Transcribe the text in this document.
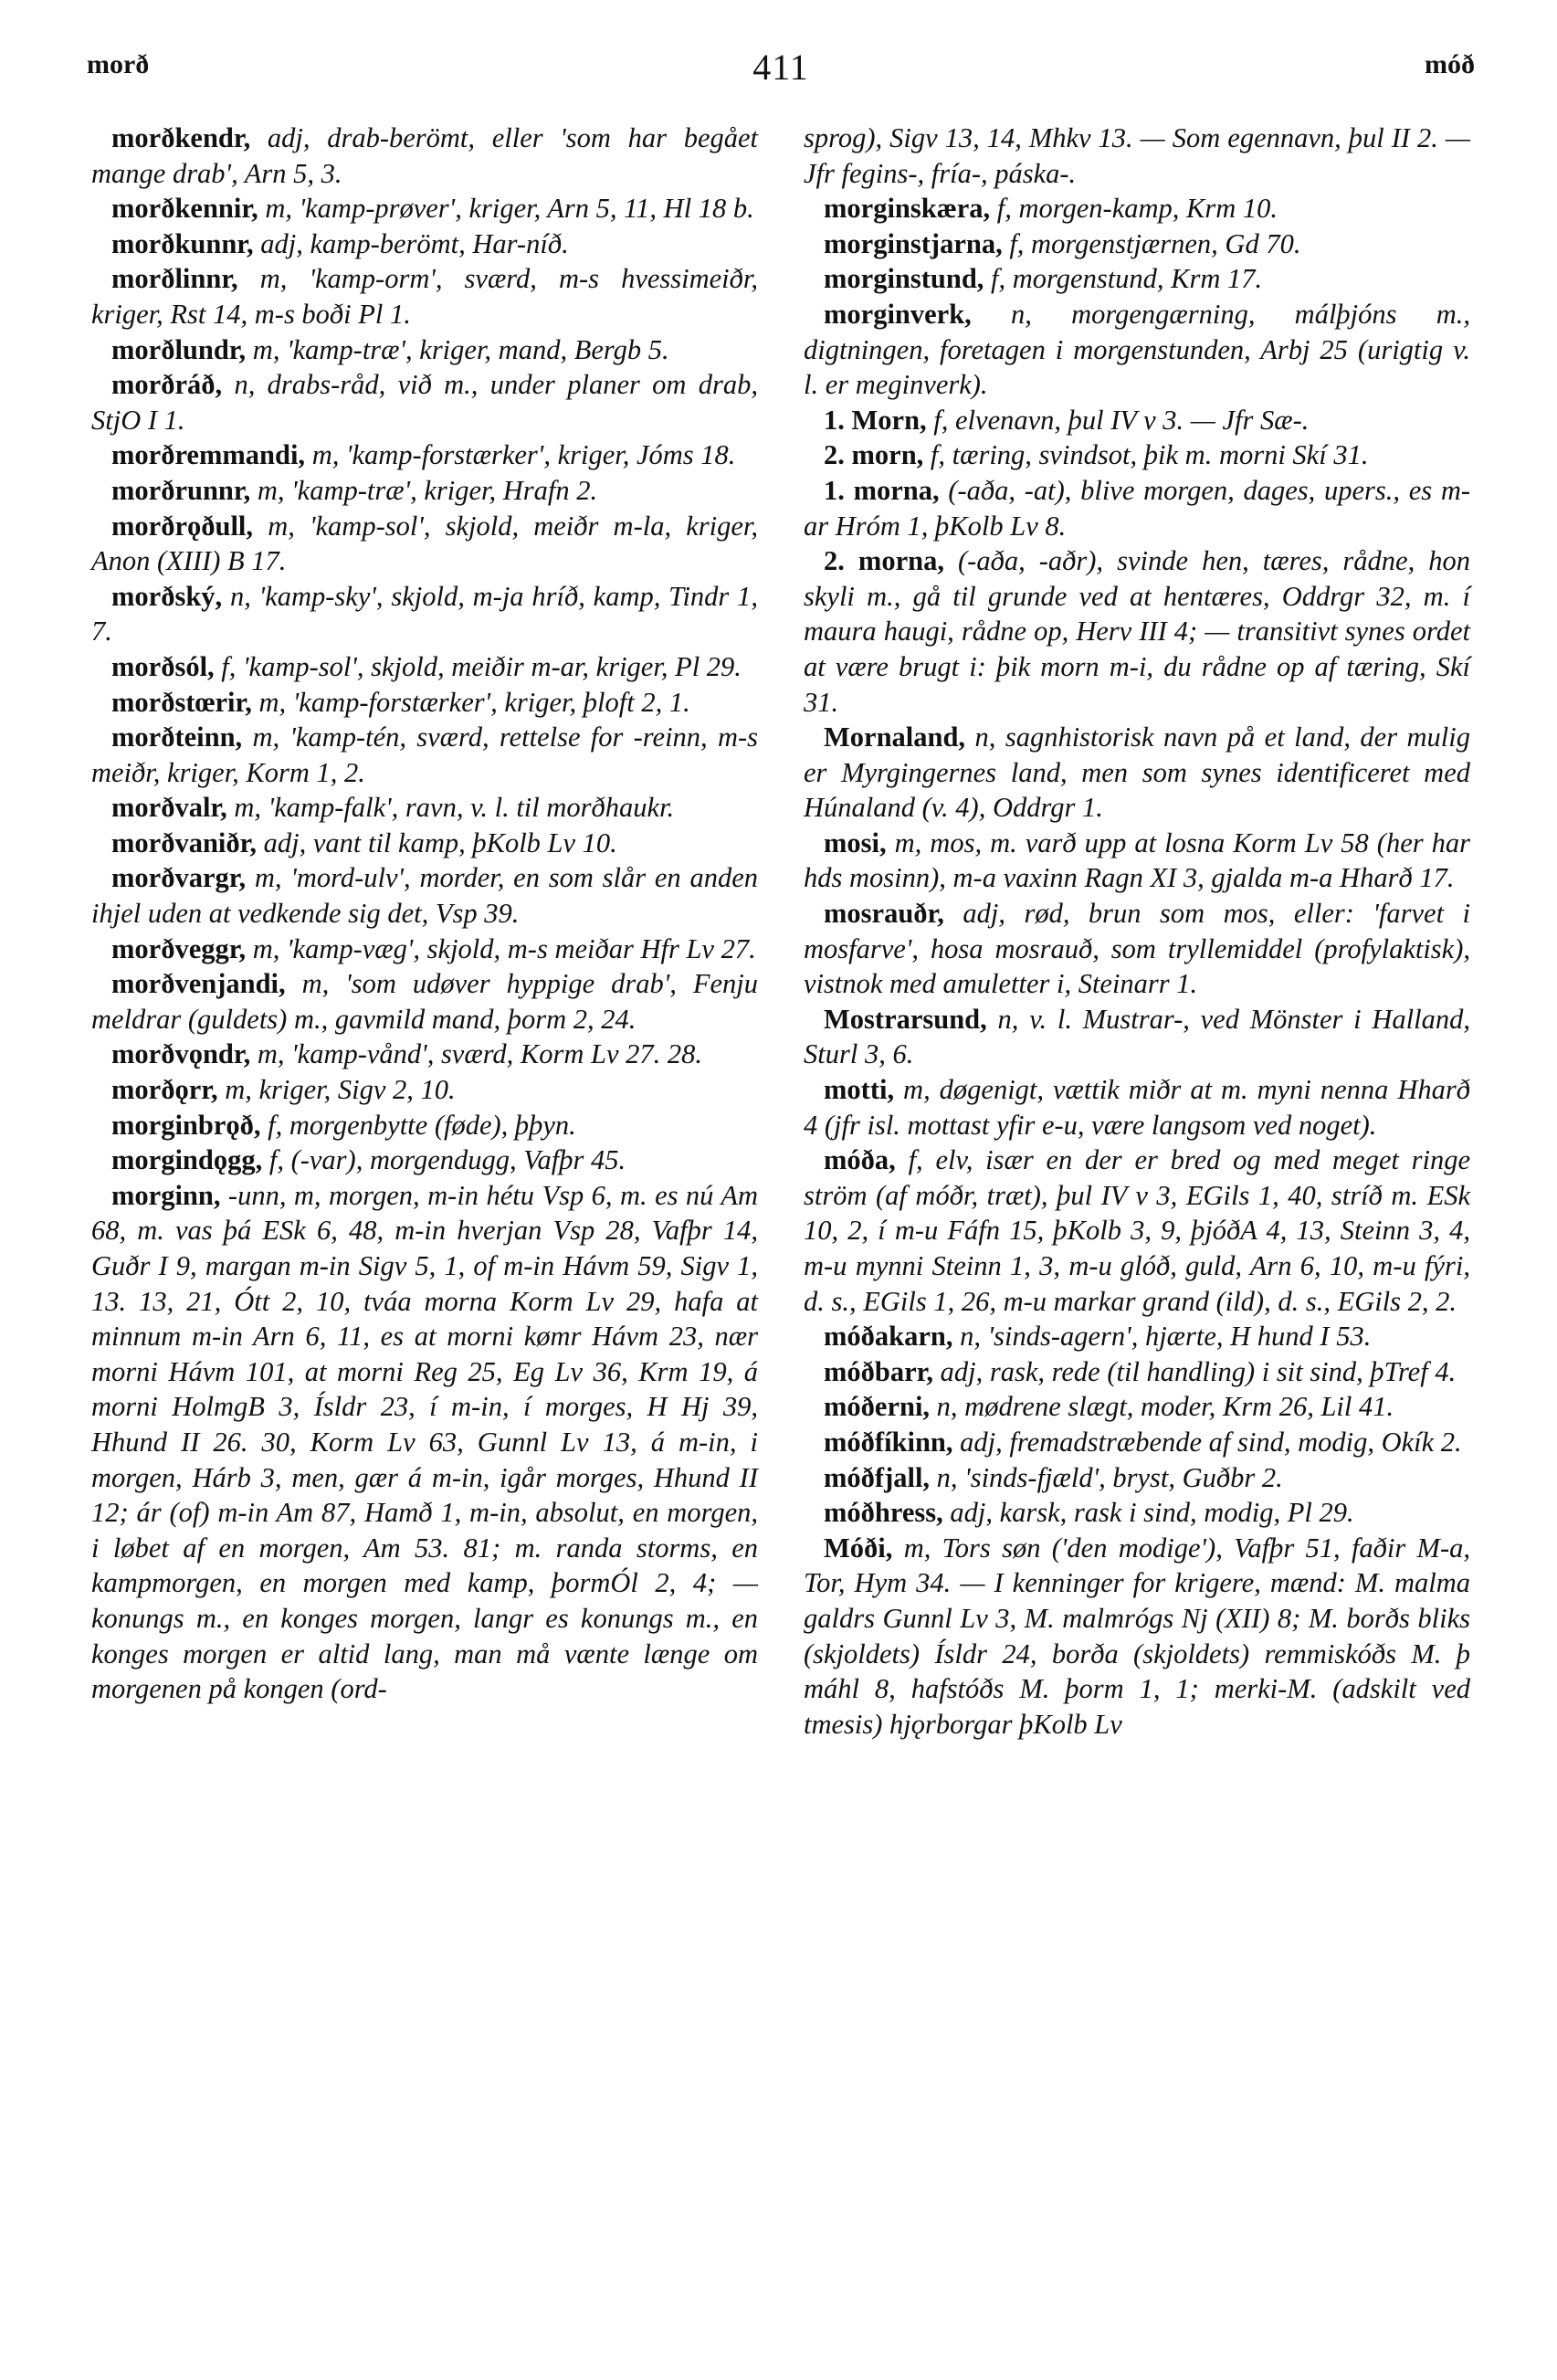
morð	411	móð

morðkendr, adj, drab-berömt, eller 'som har begået mange drab', Arn 5, 3.

morðkennir, m, 'kamp-prøver', kriger, Arn 5, 11, Hl 18 b.

morðkunnr, adj, kamp-berömt, Har-níð.

morðlinnr, m, 'kamp-orm', sværd, m-s hvessimeiðr, kriger, Rst 14, m-s boði Pl 1.

morðlundr, m, 'kamp-træ', kriger, mand, Bergb 5.

morðráð, n, drabs-råd, við m., under planer om drab, StjO I 1.

morðremmandi, m, 'kamp-forstærker', kriger, Jóms 18.

morðrunnr, m, 'kamp-træ', kriger, Hrafn 2.

morðrǫðull, m, 'kamp-sol', skjold, meiðr m-la, kriger, Anon (XIII) B 17.

morðský, n, 'kamp-sky', skjold, m-ja hríð, kamp, Tindr 1, 7.

morðsól, f, 'kamp-sol', skjold, meiðir m-ar, kriger, Pl 29.

morðstœrir, m, 'kamp-forstærker', kriger, þloft 2, 1.

morðteinn, m, 'kamp-tén, sværd, rettelse for -reinn, m-s meiðr, kriger, Korm 1, 2.

morðvalr, m, 'kamp-falk', ravn, v. l. til morðhaukr.

morðvaniðr, adj, vant til kamp, þKolb Lv 10.

morðvargr, m, 'mord-ulv', morder, en som slår en anden ihjel uden at vedkende sig det, Vsp 39.

morðveggr, m, 'kamp-væg', skjold, m-s meiðar Hfr Lv 27.

morðvenjandi, m, 'som udøver hyppige drab', Fenju meldrar (guldets) m., gavmild mand, þorm 2, 24.

morðvǫndr, m, 'kamp-vånd', sværd, Korm Lv 27. 28.

morðǫrr, m, kriger, Sigv 2, 10.

morginbrǫð, f, morgenbytte (føde), þþyn.

morgindǫgg, f, (-var), morgendugg, Vafþr 45.

morginn, -unn, m, morgen, m-in hétu Vsp 6, m. es nú Am 68, m. vas þá ESk 6, 48, m-in hverjan Vsp 28, Vafþr 14, Guðr I 9, margan m-in Sigv 5, 1, of m-in Hávm 59, Sigv 1, 13. 13, 21, Ótt 2, 10, tváa morna Korm Lv 29, hafa at minnum m-in Arn 6, 11, es at morni kømr Hávm 23, nær morni Hávm 101, at morni Reg 25, Eg Lv 36, Krm 19, á morni HolmgB 3, Ísldr 23, í m-in, í morges, H Hj 39, Hhund II 26. 30, Korm Lv 63, Gunnl Lv 13, á m-in, i morgen, Hárb 3, men, gær á m-in, igår morges, Hhund II 12; ár (of) m-in Am 87, Hamð 1, m-in, absolut, en morgen, i løbet af en morgen, Am 53. 81; m. randa storms, en kampmorgen, en morgen med kamp, þormÓl 2, 4; — konungs m., en konges morgen, langr es konungs m., en konges morgen er altid lang, man må vænte længe om morgenen på kongen (ord-

sprog), Sigv 13, 14, Mhkv 13. — Som egennavn, þul II 2. — Jfr fegins-, fría-, páska-.

morginskæra, f, morgen-kamp, Krm 10.

morginstjarna, f, morgenstjærnen, Gd 70.

morginstund, f, morgenstund, Krm 17.

morginverk, n, morgengærning, málþjóns m., digtningen, foretagen i morgenstunden, Arbj 25 (urigtig v. l. er meginverk).

1. Morn, f, elvenavn, þul IV v 3. — Jfr Sæ-.

2. morn, f, tæring, svindsot, þik m. morni Skí 31.

1. morna, (-aða, -at), blive morgen, dages, upers., es m-ar Hróm 1, þKolb Lv 8.

2. morna, (-aða, -aðr), svinde hen, tæres, rådne, hon skyli m., gå til grunde ved at hentæres, Oddrgr 32, m. í maura haugi, rådne op, Herv III 4; — transitivt synes ordet at være brugt i: þik morn m-i, du rådne op af tæring, Skí 31.

Mornaland, n, sagnhistorisk navn på et land, der mulig er Myrgingernes land, men som synes identificeret med Húnaland (v. 4), Oddrgr 1.

mosi, m, mos, m. varð upp at losna Korm Lv 58 (her har hds mosinn), m-a vaxinn Ragn XI 3, gjalda m-a Hharð 17.

mosrauðr, adj, rød, brun som mos, eller: 'farvet i mosfarve', hosa mosrauð, som tryllemiddel (profylaktisk), vistnok med amuletter i, Steinarr 1.

Mostrarsund, n, v. l. Mustrar-, ved Mönster i Halland, Sturl 3, 6.

motti, m, døgenigt, vættik miðr at m. myni nenna Hharð 4 (jfr isl. mottast yfir e-u, være langsom ved noget).

móða, f, elv, især en der er bred og med meget ringe ström (af móðr, træt), þul IV v 3, EGils 1, 40, stríð m. ESk 10, 2, í m-u Fáfn 15, þKolb 3, 9, þjóðA 4, 13, Steinn 3, 4, m-u mynni Steinn 1, 3, m-u glóð, guld, Arn 6, 10, m-u fýri, d. s., EGils 1, 26, m-u markar grand (ild), d. s., EGils 2, 2.

móðakarn, n, 'sinds-agern', hjærte, H hund I 53.

móðbarr, adj, rask, rede (til handling) i sit sind, þTref 4.

móðerni, n, mødrene slægt, moder, Krm 26, Lil 41.

móðfíkinn, adj, fremadstræbende af sind, modig, Okík 2.

móðfjall, n, 'sinds-fjæld', bryst, Guðbr 2.

móðhress, adj, karsk, rask i sind, modig, Pl 29.

Móði, m, Tors søn ('den modige'), Vafþr 51, faðir M-a, Tor, Hym 34. — I kenninger for krigere, mænd: M. malma galdrs Gunnl Lv 3, M. malmrógs Nj (XII) 8; M. borðs bliks (skjoldets) Ísldr 24, borða (skjoldets) remmiskóðs M. þ máhl 8, hafstóðs M. þorm 1, 1; merki-M. (adskilt ved tmesis) hjǫrborgar þKolb Lv
